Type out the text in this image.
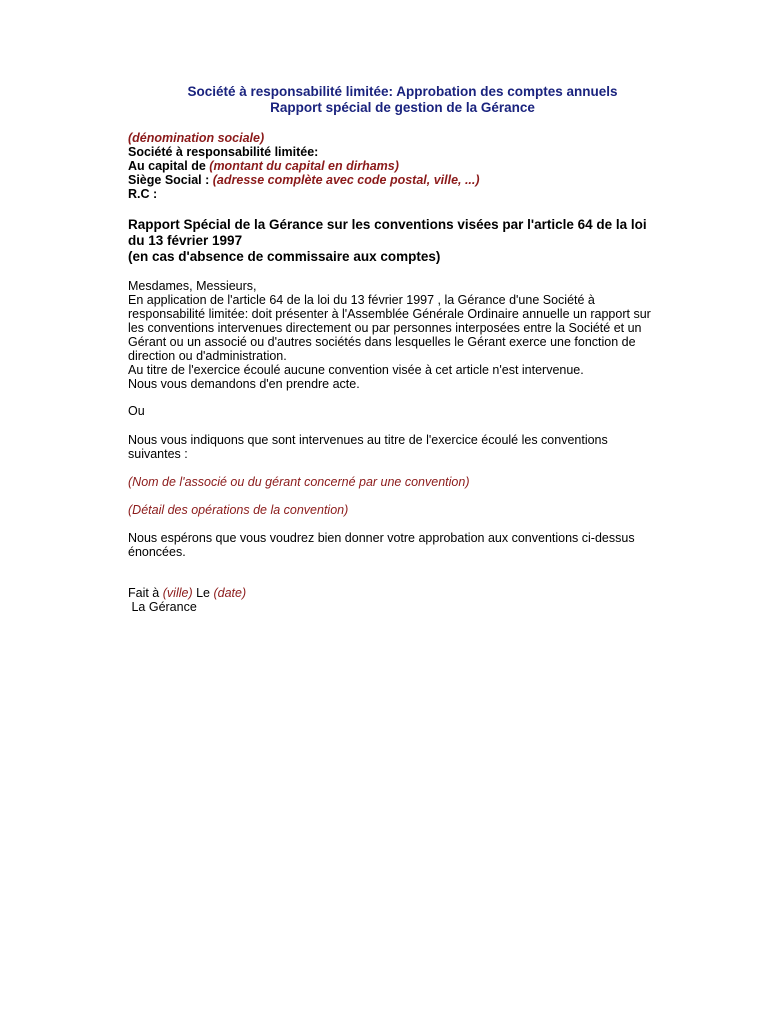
Société à responsabilité limitée: Approbation des comptes annuels
Rapport spécial de gestion de la Gérance
(dénomination sociale)
Société à responsabilité limitée:
Au capital de (montant du capital en dirhams)
Siège Social : (adresse complète avec code postal, ville, ...)
R.C :
Rapport Spécial de la Gérance sur les conventions visées par l'article 64 de la loi
du 13 février 1997
(en cas d'absence de commissaire aux comptes)
Mesdames, Messieurs,
En application de l'article 64 de la loi du 13 février 1997 , la Gérance d'une Société à
responsabilité limitée: doit présenter à l'Assemblée Générale Ordinaire annuelle un rapport sur
les conventions intervenues directement ou par personnes interposées entre la Société et un
Gérant ou un associé ou d'autres sociétés dans lesquelles le Gérant exerce une fonction de
direction ou d'administration.
Au titre de l'exercice écoulé aucune convention visée à cet article n'est intervenue.
Nous vous demandons d'en prendre acte.
Ou
Nous vous indiquons que sont intervenues au titre de l'exercice écoulé les conventions
suivantes :
(Nom de l'associé ou du gérant concerné par une convention)
(Détail des opérations de la convention)
Nous espérons que vous voudrez bien donner votre approbation aux conventions ci-dessus
énoncées.
Fait à (ville) Le (date)
La Gérance
